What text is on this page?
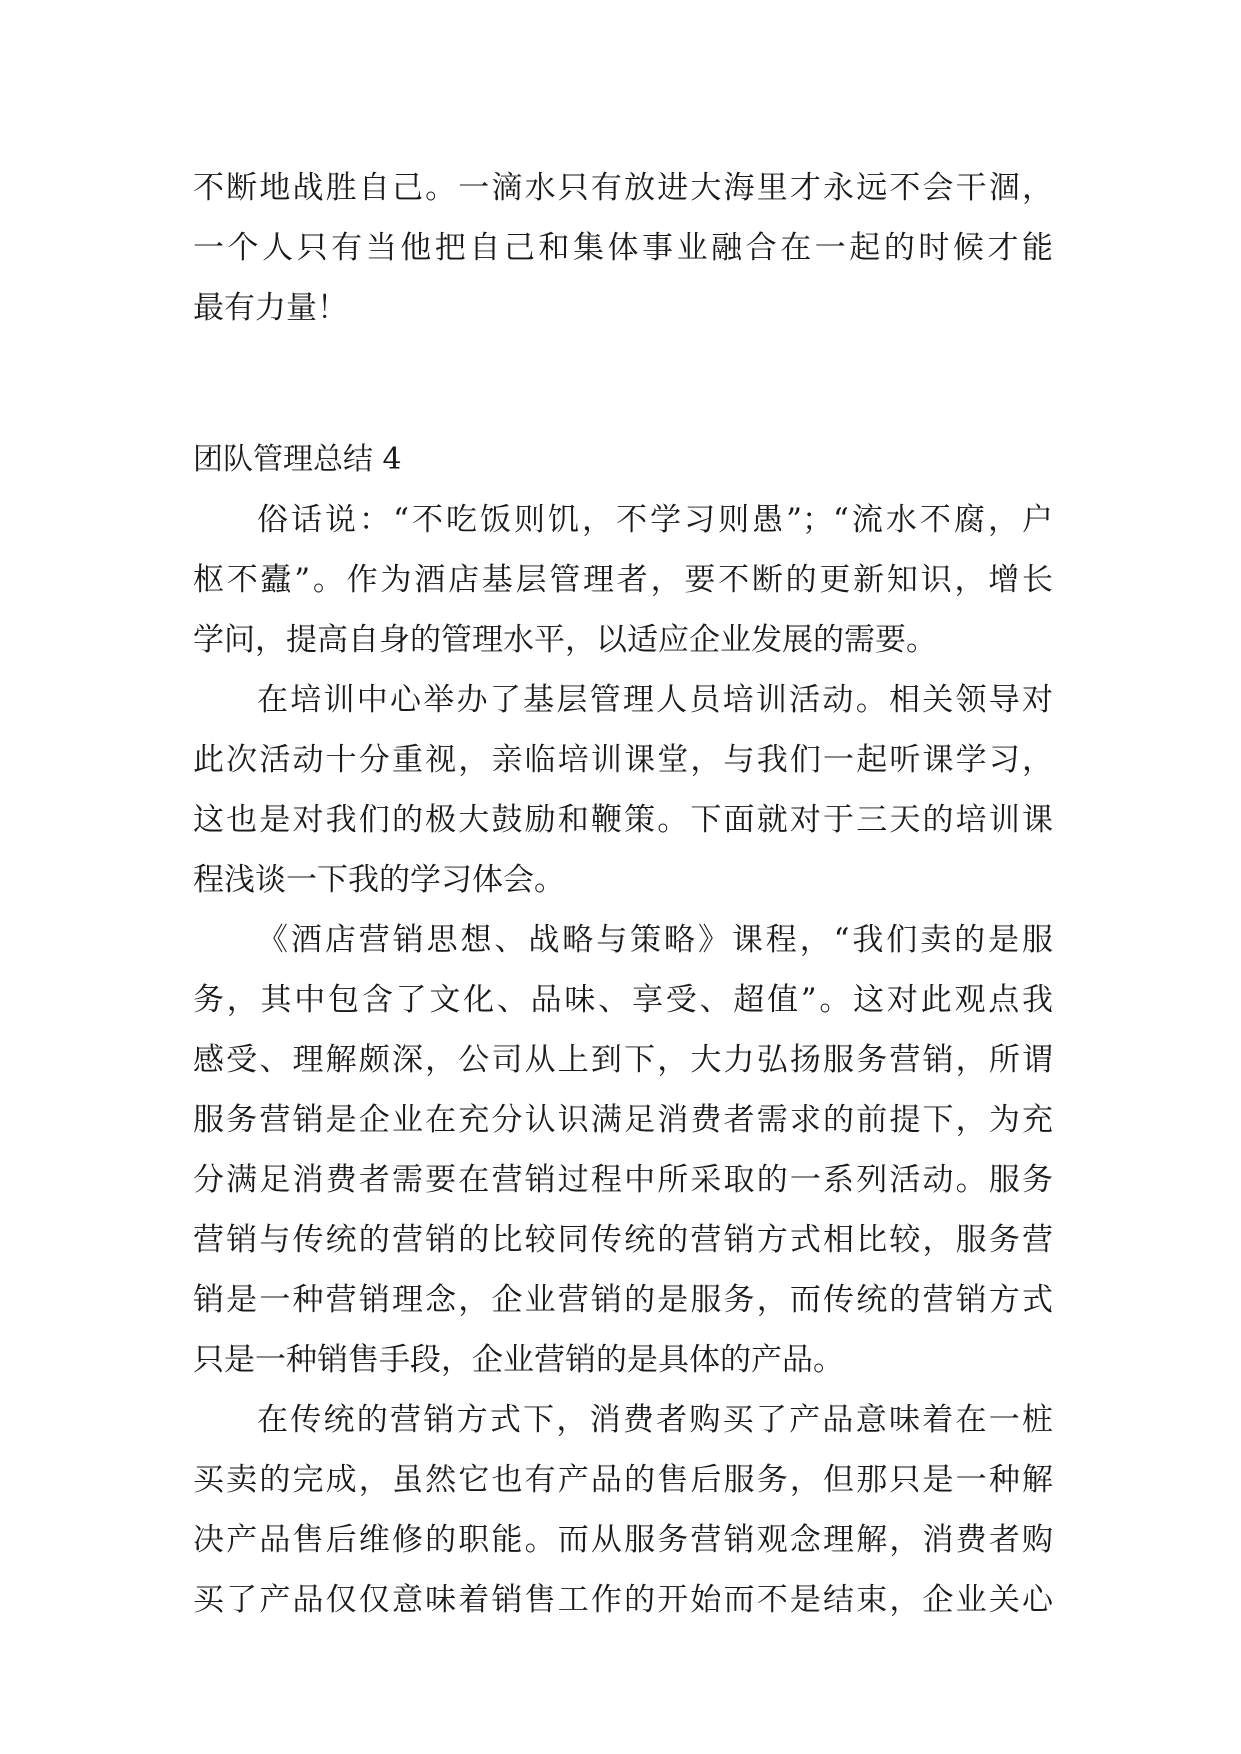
不断地战胜自己。一滴水只有放进大海里才永远不会干涸，
一个人只有当他把自己和集体事业融合在一起的时候才能
最有力量！
团队管理总结 4
俗话说：“不吃饭则饥，不学习则愚”；“流水不腐，户
枢不蠹”。作为酒店基层管理者，要不断的更新知识，增长
学问，提高自身的管理水平，以适应企业发展的需要。
在培训中心举办了基层管理人员培训活动。相关领导对
此次活动十分重视，亲临培训课堂，与我们一起听课学习，
这也是对我们的极大鼓励和鞭策。下面就对于三天的培训课
程浅谈一下我的学习体会。
《酒店营销思想、战略与策略》课程，“我们卖的是服
务，其中包含了文化、品味、享受、超值”。这对此观点我
感受、理解颇深，公司从上到下，大力弘扬服务营销，所谓
服务营销是企业在充分认识满足消费者需求的前提下，为充
分满足消费者需要在营销过程中所采取的一系列活动。服务
营销与传统的营销的比较同传统的营销方式相比较，服务营
销是一种营销理念，企业营销的是服务，而传统的营销方式
只是一种销售手段，企业营销的是具体的产品。
在传统的营销方式下，消费者购买了产品意味着在一桩
买卖的完成，虽然它也有产品的售后服务，但那只是一种解
决产品售后维修的职能。而从服务营销观念理解，消费者购
买了产品仅仅意味着销售工作的开始而不是结束，企业关心
